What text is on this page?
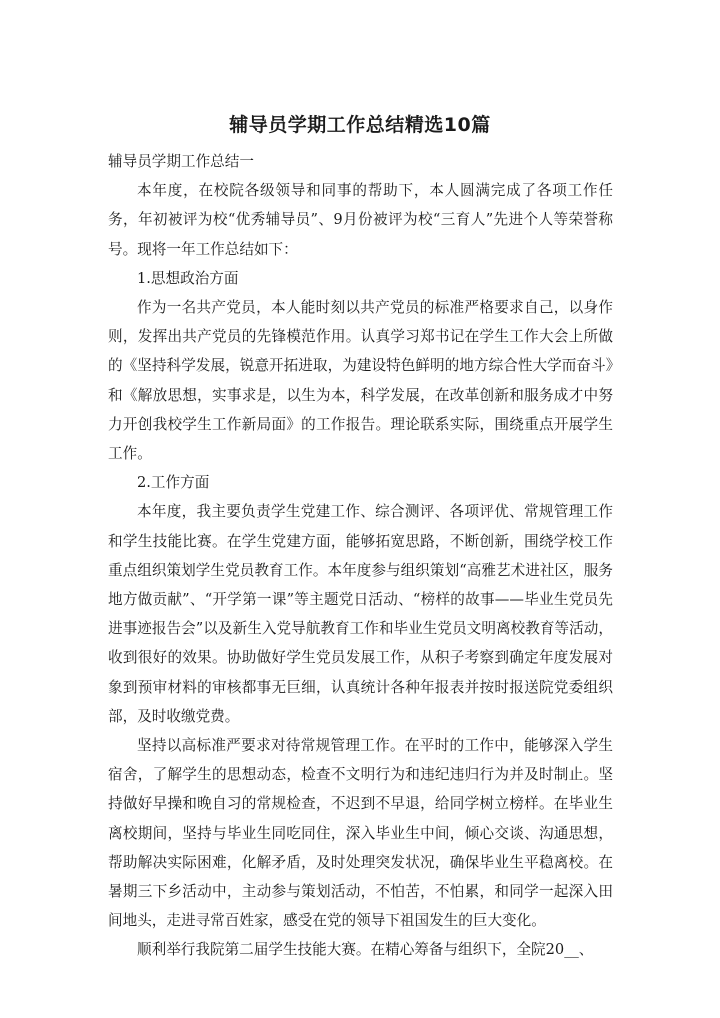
辅导员学期工作总结精选10篇

辅导员学期工作总结一

本年度，在校院各级领导和同事的帮助下，本人圆满完成了各项工作任务，年初被评为校“优秀辅导员”、9月份被评为校“三育人”先进个人等荣誉称号。现将一年工作总结如下：

1.思想政治方面

作为一名共产党员，本人能时刻以共产党员的标准严格要求自己，以身作则，发挥出共产党员的先锋模范作用。认真学习郑书记在学生工作大会上所做的《坚持科学发展，锐意开拓进取，为建设特色鲜明的地方综合性大学而奋斗》和《解放思想，实事求是，以生为本，科学发展，在改革创新和服务成才中努力开创我校学生工作新局面》的工作报告。理论联系实际，围绕重点开展学生工作。

2.工作方面

本年度，我主要负责学生党建工作、综合测评、各项评优、常规管理工作和学生技能比赛。在学生党建方面，能够拓宽思路，不断创新，围绕学校工作重点组织策划学生党员教育工作。本年度参与组织策划“高雅艺术进社区，服务地方做贡献”、“开学第一课”等主题党日活动、“榜样的故事——毕业生党员先进事迹报告会”以及新生入党导航教育工作和毕业生党员文明离校教育等活动，收到很好的效果。协助做好学生党员发展工作，从积子考察到确定年度发展对象到预审材料的审核都事无巨细，认真统计各种年报表并按时报送院党委组织部，及时收缴党费。

坚持以高标准严要求对待常规管理工作。在平时的工作中，能够深入学生宿舍，了解学生的思想动态，检查不文明行为和违纪违归行为并及时制止。坚持做好早操和晚自习的常规检查，不迟到不早退，给同学树立榜样。在毕业生离校期间，坚持与毕业生同吃同住，深入毕业生中间，倾心交谈、沟通思想，帮助解决实际困难，化解矛盾，及时处理突发状况，确保毕业生平稳离校。在暑期三下乡活动中，主动参与策划活动，不怕苦，不怕累，和同学一起深入田间地头，走进寻常百姓家，感受在党的领导下祖国发生的巨大变化。

顺利举行我院第二届学生技能大赛。在精心筹备与组织下，全院20__、
